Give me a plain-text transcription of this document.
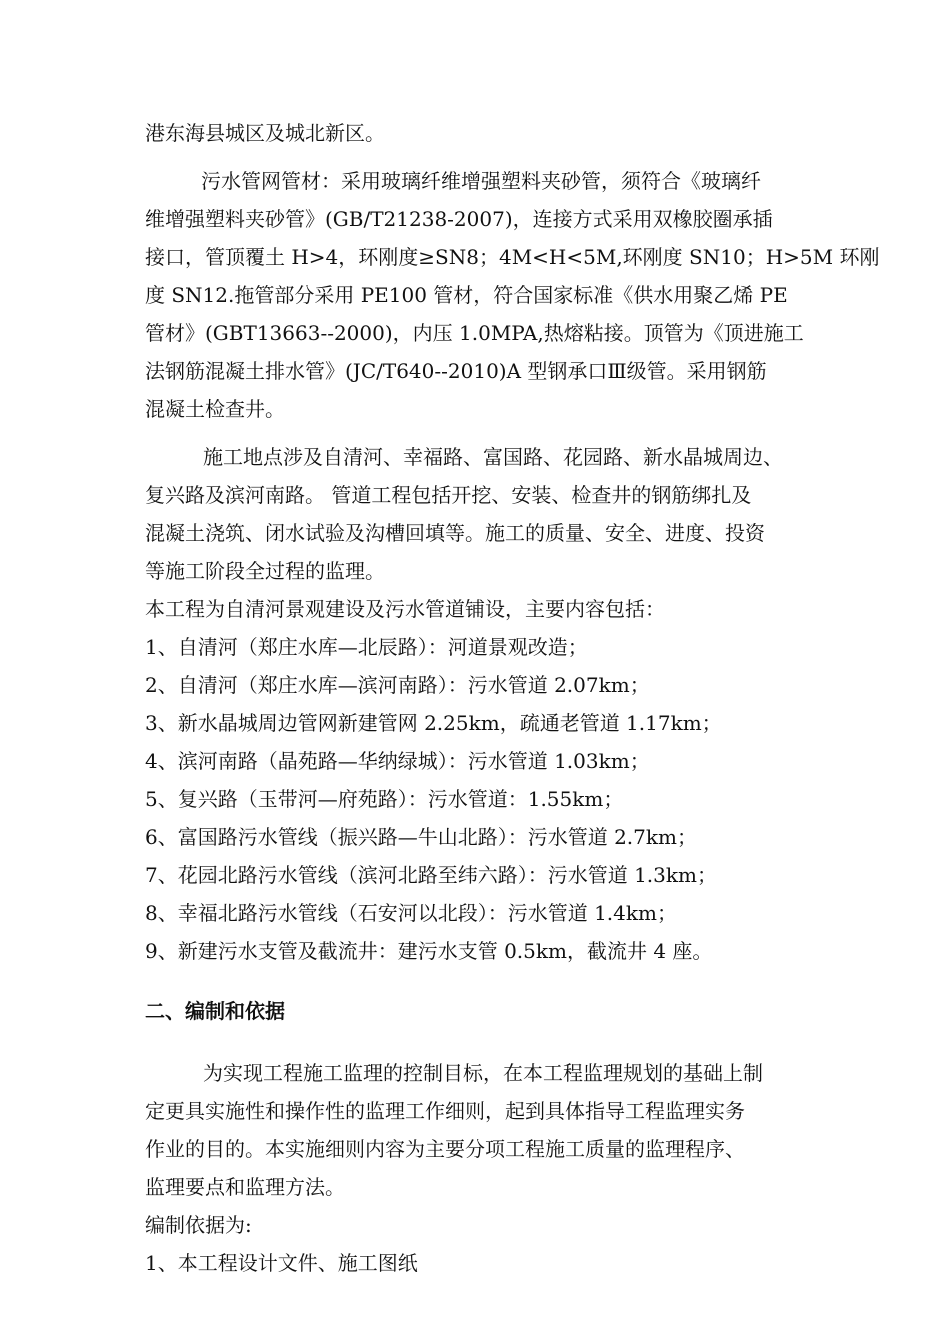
港东海县城区及城北新区。
污水管网管材：采用玻璃纤维增强塑料夹砂管，须符合《玻璃纤
维增强塑料夹砂管》(GB/T21238-2007)，连接方式采用双橡胶圈承插
接口，管顶覆土 H>4，环刚度≥SN8；4M<H<5M,环刚度 SN10；H>5M 环刚
度 SN12.拖管部分采用 PE100 管材，符合国家标准《供水用聚乙烯 PE
管材》(GBT13663--2000)，内压 1.0MPA,热熔粘接。顶管为《顶进施工
法钢筋混凝土排水管》(JC/T640--2010)A 型钢承口Ⅲ级管。采用钢筋
混凝土检查井。
施工地点涉及自清河、幸福路、富国路、花园路、新水晶城周边、
复兴路及滨河南路。 管道工程包括开挖、安装、检查井的钢筋绑扎及
混凝土浇筑、闭水试验及沟槽回填等。施工的质量、安全、进度、投资
等施工阶段全过程的监理。
本工程为自清河景观建设及污水管道铺设，主要内容包括：
1、自清河（郑庄水库—北辰路）：河道景观改造；
2、自清河（郑庄水库—滨河南路）：污水管道 2.07km；
3、新水晶城周边管网新建管网 2.25km，疏通老管道 1.17km；
4、滨河南路（晶苑路—华纳绿城）：污水管道 1.03km；
5、复兴路（玉带河—府苑路）：污水管道：1.55km；
6、富国路污水管线（振兴路—牛山北路）：污水管道 2.7km；
7、花园北路污水管线（滨河北路至纬六路）：污水管道 1.3km；
8、幸福北路污水管线（石安河以北段）：污水管道 1.4km；
9、新建污水支管及截流井：建污水支管 0.5km，截流井 4 座。
二、编制和依据
为实现工程施工监理的控制目标，在本工程监理规划的基础上制
定更具实施性和操作性的监理工作细则，起到具体指导工程监理实务
作业的目的。本实施细则内容为主要分项工程施工质量的监理程序、
监理要点和监理方法。
编制依据为:
1、本工程设计文件、施工图纸
